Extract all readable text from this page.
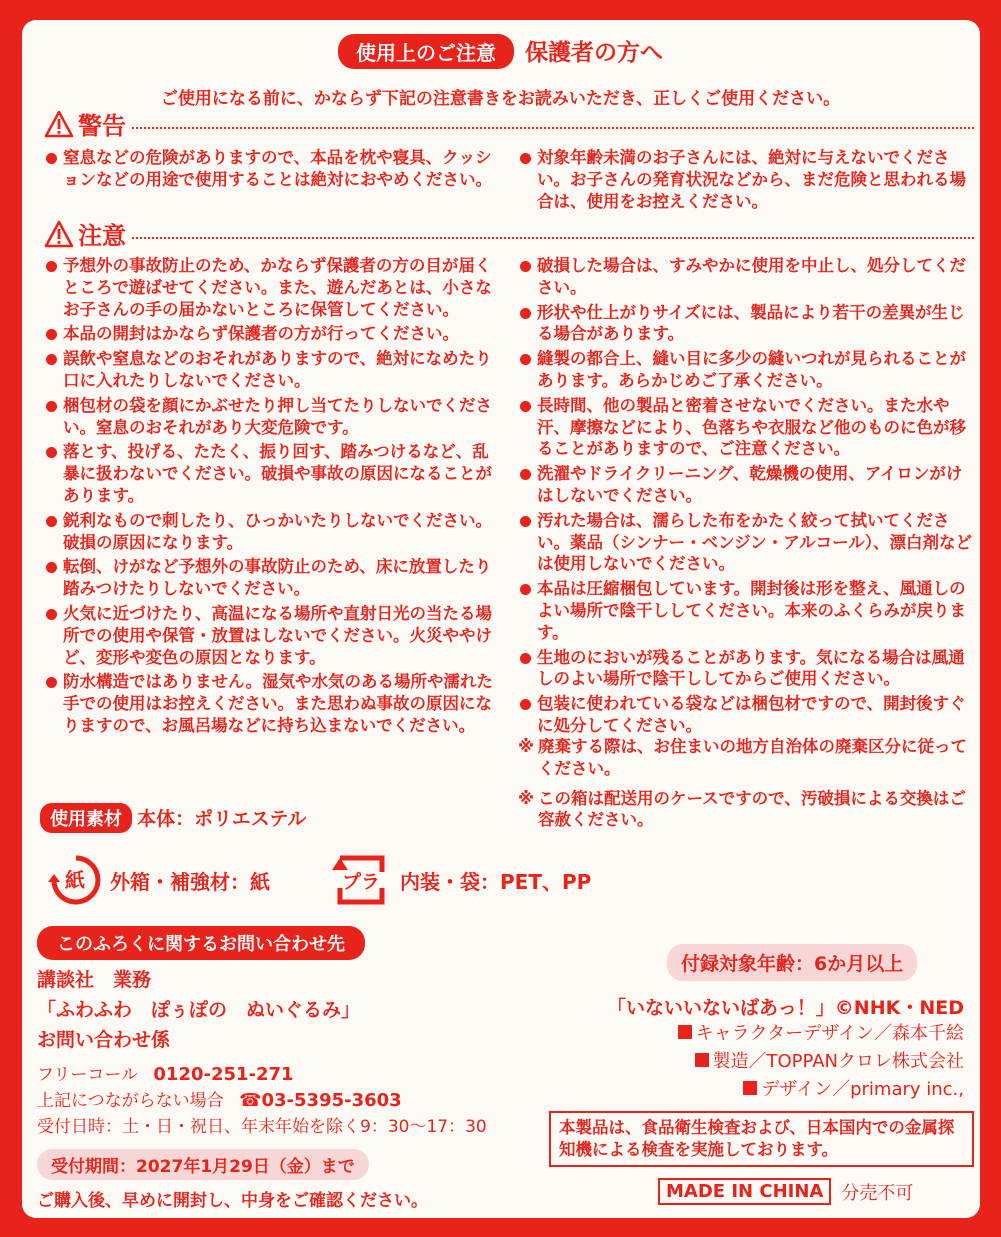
使用上のご注意 保護者の方へ
ご使用になる前に、かならず下記の注意書きをお読みいただき、正しくご使用ください。
警告
窒息などの危険がありますので、本品を枕や寝具、クッションなどの用途で使用することは絶対におやめください。
対象年齢未満のお子さんには、絶対に与えないでください。お子さんの発育状況などから、まだ危険と思われる場合は、使用をお控えください。
注意
予想外の事故防止のため、かならず保護者の方の目が届くところで遊ばせてください。また、遊んだあとは、小さなお子さんの手の届かないところに保管してください。
本品の開封はかならず保護者の方が行ってください。
誤飲や窒息などのおそれがありますので、絶対になめたり口に入れたりしないでください。
梱包材の袋を顔にかぶせたり押し当てたりしないでください。窒息のおそれがあり大変危険です。
落とす、投げる、たたく、振り回す、踏みつけるなど、乱暴に扱わないでください。破損や事故の原因になることがあります。
鋭利なもので刺したり、ひっかいたりしないでください。破損の原因になります。
転倒、けがなど予想外の事故防止のため、床に放置したり踏みつけたりしないでください。
火気に近づけたり、高温になる場所や直射日光の当たる場所での使用や保管・放置はしないでください。火災ややけど、変形や変色の原因となります。
防水構造ではありません。湿気や水気のある場所や濡れた手での使用はお控えください。また思わぬ事故の原因になりますので、お風呂場などに持ち込まないでください。
破損した場合は、すみやかに使用を中止し、処分してください。
形状や仕上がりサイズには、製品により若干の差異が生じる場合があります。
縫製の都合上、縫い目に多少の縫いつれが見られることがあります。あらかじめご了承ください。
長時間、他の製品と密着させないでください。また水や汗、摩擦などにより、色落ちや衣服など他のものに色が移ることがありますので、ご注意ください。
洗濯やドライクリーニング、乾燥機の使用、アイロンがけはしないでください。
汚れた場合は、濡らした布をかたく絞って拭いてください。薬品（シンナー・ベンジン・アルコール）、漂白剤などは使用しないでください。
本品は圧縮梱包しています。開封後は形を整え、風通しのよい場所で陰干ししてください。本来のふくらみが戻ります。
生地のにおいが残ることがあります。気になる場合は風通しのよい場所で陰干ししてからご使用ください。
包装に使われている袋などは梱包材ですので、開封後すぐに処分してください。
※ 廃棄する際は、お住まいの地方自治体の廃棄区分に従ってください。
※ この箱は配送用のケースですので、汚破損による交換はご容赦ください。
使用素材 本体：ポリエステル
紙 外箱・補強材：紙	プラ 内装・袋：PET、PP
このふろくに関するお問い合わせ先
講談社　業務
「ふわふわ　ぽぅぽの　ぬいぐるみ」
お問い合わせ係
フリーコール 0120-251-271
上記につながらない場合 ☎03-5395-3603
受付日時：土・日・祝日、年末年始を除く9：30〜17：30
受付期間：2027年1月29日（金）まで
ご購入後、早めに開封し、中身をご確認ください。
付録対象年齢：6か月以上
「いないいないばあっ！」©NHK・NED
キャラクターデザイン／森本千絵
製造／TOPPANクロレ株式会社
デザイン／primary inc.,
本製品は、食品衛生検査および、日本国内での金属探知機による検査を実施しております。
MADE IN CHINA	分売不可
